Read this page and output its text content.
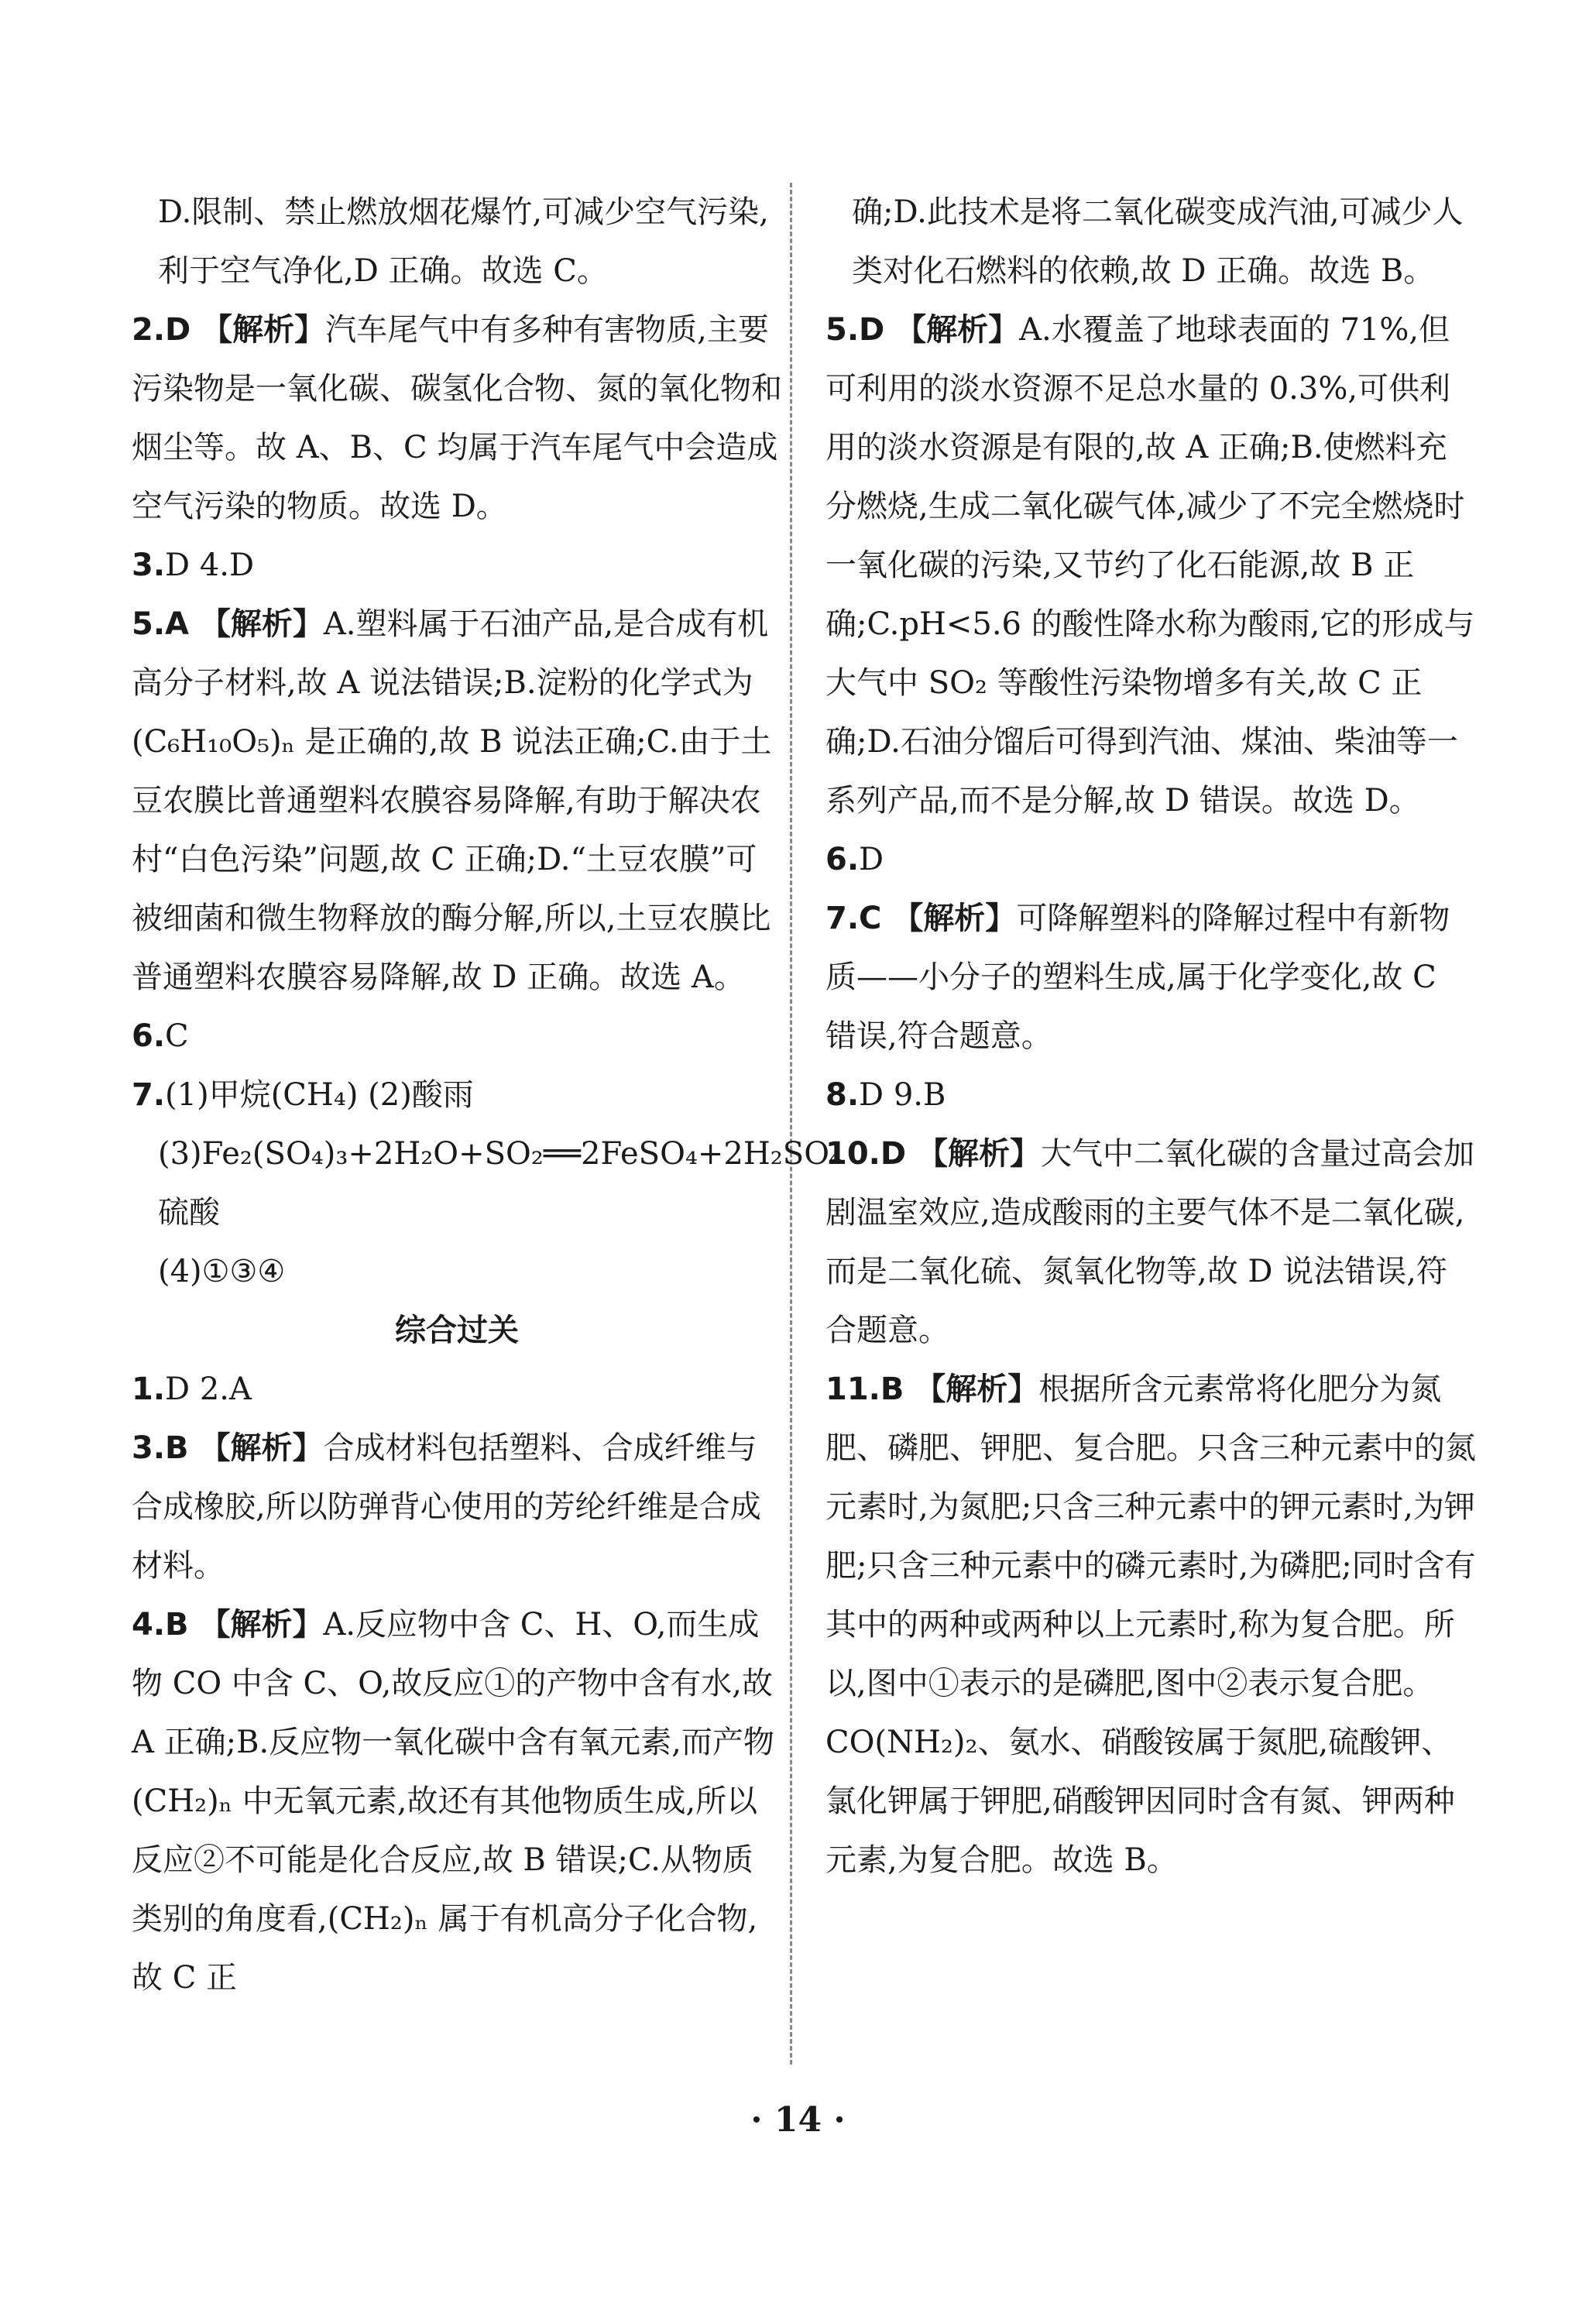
D.限制、禁止燃放烟花爆竹,可减少空气污染,利于空气净化,D 正确。故选 C。

2.D 【解析】汽车尾气中有多种有害物质,主要污染物是一氧化碳、碳氢化合物、氮的氧化物和烟尘等。故 A、B、C 均属于汽车尾气中会造成空气污染的物质。故选 D。

3.D 4.D

5.A 【解析】A.塑料属于石油产品,是合成有机高分子材料,故 A 说法错误;B.淀粉的化学式为(C₆H₁₀O₅)ₙ 是正确的,故 B 说法正确;C.由于土豆农膜比普通塑料农膜容易降解,有助于解决农村“白色污染”问题,故 C 正确;D.“土豆农膜”可被细菌和微生物释放的酶分解,所以,土豆农膜比普通塑料农膜容易降解,故 D 正确。故选 A。

6.C

7.(1)甲烷(CH₄) (2)酸雨

(3)Fe₂(SO₄)₃+2H₂O+SO₂══2FeSO₄+2H₂SO₄ 硫酸

(4)①③④

综合过关

1.D 2.A

3.B 【解析】合成材料包括塑料、合成纤维与合成橡胶,所以防弹背心使用的芳纶纤维是合成材料。

4.B 【解析】A.反应物中含 C、H、O,而生成物 CO 中含 C、O,故反应①的产物中含有水,故 A 正确;B.反应物一氧化碳中含有氧元素,而产物(CH₂)ₙ 中无氧元素,故还有其他物质生成,所以反应②不可能是化合反应,故 B 错误;C.从物质类别的角度看,(CH₂)ₙ 属于有机高分子化合物,故 C 正

确;D.此技术是将二氧化碳变成汽油,可减少人类对化石燃料的依赖,故 D 正确。故选 B。

5.D 【解析】A.水覆盖了地球表面的 71%,但可利用的淡水资源不足总水量的 0.3%,可供利用的淡水资源是有限的,故 A 正确;B.使燃料充分燃烧,生成二氧化碳气体,减少了不完全燃烧时一氧化碳的污染,又节约了化石能源,故 B 正确;C.pH<5.6 的酸性降水称为酸雨,它的形成与大气中 SO₂ 等酸性污染物增多有关,故 C 正确;D.石油分馏后可得到汽油、煤油、柴油等一系列产品,而不是分解,故 D 错误。故选 D。

6.D

7.C 【解析】可降解塑料的降解过程中有新物质——小分子的塑料生成,属于化学变化,故 C 错误,符合题意。

8.D 9.B

10.D 【解析】大气中二氧化碳的含量过高会加剧温室效应,造成酸雨的主要气体不是二氧化碳,而是二氧化硫、氮氧化物等,故 D 说法错误,符合题意。

11.B 【解析】根据所含元素常将化肥分为氮肥、磷肥、钾肥、复合肥。只含三种元素中的氮元素时,为氮肥;只含三种元素中的钾元素时,为钾肥;只含三种元素中的磷元素时,为磷肥;同时含有其中的两种或两种以上元素时,称为复合肥。所以,图中①表示的是磷肥,图中②表示复合肥。CO(NH₂)₂、氨水、硝酸铵属于氮肥,硫酸钾、氯化钾属于钾肥,硝酸钾因同时含有氮、钾两种元素,为复合肥。故选 B。

· 14 ·
